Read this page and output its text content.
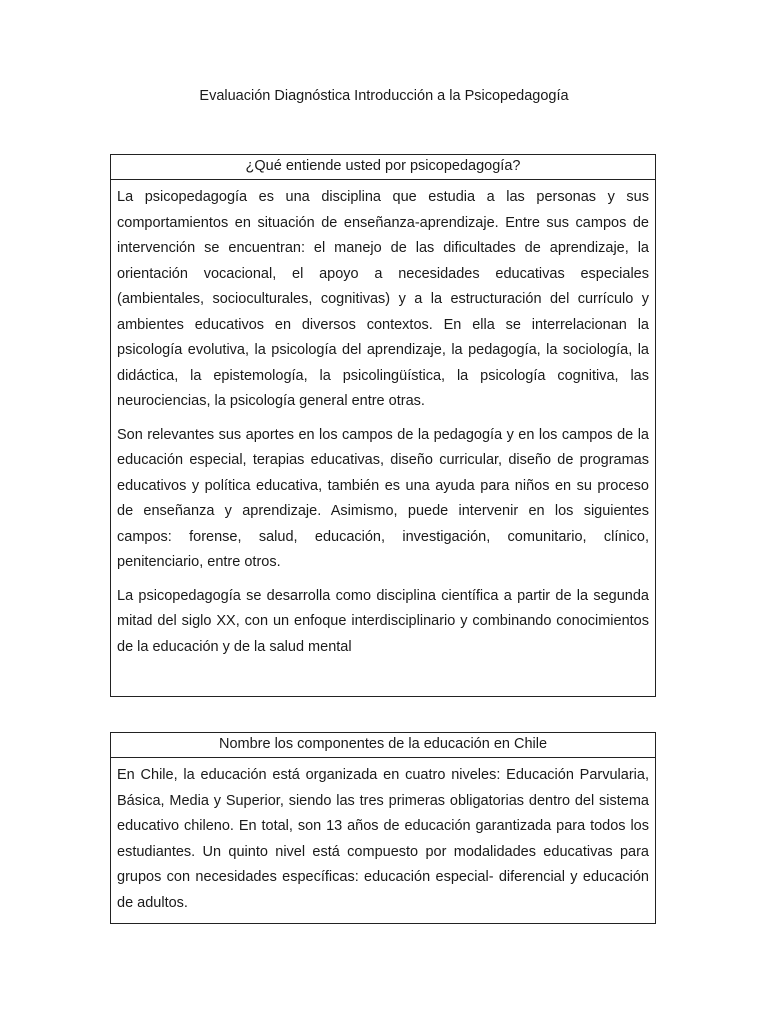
Evaluación Diagnóstica Introducción a la Psicopedagogía
¿Qué entiende usted por psicopedagogía?

La psicopedagogía es una disciplina que estudia a las personas y sus comportamientos en situación de enseñanza-aprendizaje. Entre sus campos de intervención se encuentran: el manejo de las dificultades de aprendizaje, la orientación vocacional, el apoyo a necesidades educativas especiales (ambientales, socioculturales, cognitivas) y a la estructuración del currículo y ambientes educativos en diversos contextos. En ella se interrelacionan la psicología evolutiva, la psicología del aprendizaje, la pedagogía, la sociología, la didáctica, la epistemología, la psicolingüística, la psicología cognitiva, las neurociencias, la psicología general entre otras.

Son relevantes sus aportes en los campos de la pedagogía y en los campos de la educación especial, terapias educativas, diseño curricular, diseño de programas educativos y política educativa, también es una ayuda para niños en su proceso de enseñanza y aprendizaje. Asimismo, puede intervenir en los siguientes campos: forense, salud, educación, investigación, comunitario, clínico, penitenciario, entre otros.

La psicopedagogía se desarrolla como disciplina científica a partir de la segunda mitad del siglo XX, con un enfoque interdisciplinario y combinando conocimientos de la educación y de la salud mental

Nombre los componentes de la educación en Chile

En Chile, la educación está organizada en cuatro niveles: Educación Parvularia, Básica, Media y Superior, siendo las tres primeras obligatorias dentro del sistema educativo chileno. En total, son 13 años de educación garantizada para todos los estudiantes. Un quinto nivel está compuesto por modalidades educativas para grupos con necesidades específicas: educación especial- diferencial y educación de adultos.
